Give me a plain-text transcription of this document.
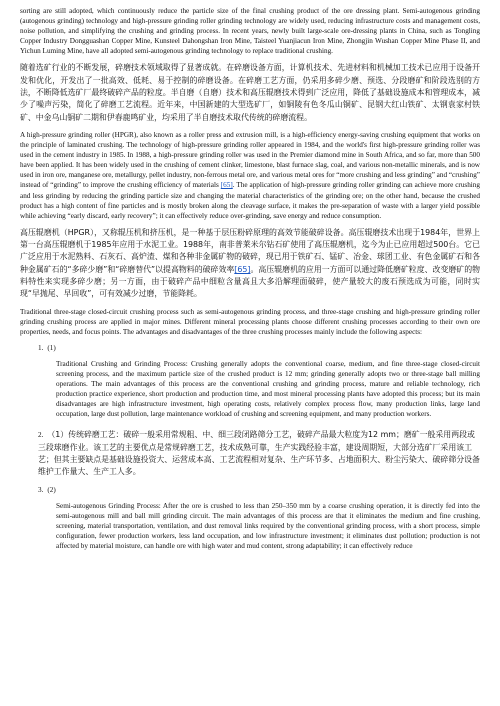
sorting are still adopted, which continuously reduce the particle size of the final crushing product of the ore dressing plant. Semi-autogenous grinding (autogenous grinding) technology and high-pressure grinding roller grinding technology are widely used, reducing infrastructure costs and management costs, noise pollution, and simplifying the crushing and grinding process. In recent years, newly built large-scale ore-dressing plants in China, such as Tongling Copper Industry Dongguashan Copper Mine, Kunsteel Dahongshan Iron Mine, Taisteel Yuanjiacun Iron Mine, Zhongjin Wushan Copper Mine Phase II, and Yichun Luming Mine, have all adopted semi-autogenous grinding technology to replace traditional crushing.

随着选矿行业的不断发展，碎磨技术领域取得了显著成就。在碎磨设备方面，计算机技术、先进材料和机械加工技术已应用于设备开发和优化，开发出了一批高效、低耗、易于控制的碎磨设备。在碎磨工艺方面，仍采用多碎少磨、预选、分段磨矿和阶段选别的方法，不断降低选矿厂最终破碎产品的粒度。半自磨（自磨）技术和高压辊磨技术得到广泛应用，降低了基础设施成本和管理成本，减少了噪声污染，简化了碎磨工艺流程。近年来，中国新建的大型选矿厂，如铜陵有色冬瓜山铜矿、昆钢大红山铁矿、太钢袁家村铁矿、中金乌山铜矿二期和伊春鹿鸣矿业，均采用了半自磨技术取代传统的碎磨流程。

A high-pressure grinding roller (HPGR), also known as a roller press and extrusion mill, is a high-efficiency energy-saving crushing equipment that works on the principle of laminated crushing. The technology of high-pressure grinding roller appeared in 1984, and the world's first high-pressure grinding roller was used in the cement industry in 1985. In 1988, a high-pressure grinding roller was used in the Premier diamond mine in South Africa, and so far, more than 500 have been applied. It has been widely used in the crushing of cement clinker, limestone, blast furnace slag, coal, and various non-metallic minerals, and is now used in iron ore, manganese ore, metallurgy, pellet industry, non-ferrous metal ore, and various metal ores for “more crushing and less grinding” and “crushing” instead of “grinding” to improve the crushing efficiency of materials [65]. The application of high-pressure grinding roller grinding can achieve more crushing and less grinding by reducing the grinding particle size and changing the material characteristics of the grinding ore; on the other hand, because the crushed product has a high content of fine particles and is mostly broken along the cleavage surface, it makes the pre-separation of waste with a larger yield possible while achieving “early discard, early recovery”; it can effectively reduce over-grinding, save energy and reduce consumption.

高压辊磨机（HPGR），又称辊压机和挤压机，是一种基于层压粉碎原理的高效节能破碎设备。高压辊磨技术出现于1984年，世界上第一台高压辊磨机于1985年应用于水泥工业。1988年，南非普莱米尔钻石矿使用了高压辊磨机，迄今为止已应用超过500台。它已广泛应用于水泥熟料、石灰石、高炉渣、煤和各种非金属矿物的破碎，现已用于铁矿石、锰矿、冶金、球团工业、有色金属矿石和各种金属矿石的“多碎少磨”和“碎磨替代”以提高物料的破碎效率[65]。高压辊磨机的应用一方面可以通过降低磨矿粒度、改变磨矿的物料特性来实现多碎少磨；另一方面，由于破碎产品中细粒含量高且大多沿解理面破碎，使产量较大的废石预选成为可能，同时实现“早抛尾、早回收”，可有效减少过磨，节能降耗。

Traditional three-stage closed-circuit crushing process such as semi-autogenous grinding process, and three-stage crushing and high-pressure grinding roller grinding crushing process are applied in major mines. Different mineral processing plants choose different crushing processes according to their own ore properties, needs, and focus points. The advantages and disadvantages of the three crushing processes mainly include the following aspects:

1. (1)

Traditional Crushing and Grinding Process: Crushing generally adopts the conventional coarse, medium, and fine three-stage closed-circuit screening process, and the maximum particle size of the crushed product is 12 mm; grinding generally adopts two or three-stage ball milling operations. The main advantages of this process are the conventional crushing and grinding process, mature and reliable technology, rich production practice experience, short production and production time, and most mineral processing plants have adopted this process; but its main disadvantages are high infrastructure investment, high operating costs, relatively complex process flow, many production links, large land occupation, large dust pollution, large maintenance workload of crushing and screening equipment, and many production workers.

2. （1）传统碎磨工艺：破碎一般采用常规粗、中、细三段闭路筛分工艺，破碎产品最大粒度为12 mm；磨矿一般采用两段或三段球磨作业。该工艺的主要优点是常规碎磨工艺，技术成熟可靠，生产实践经验丰富，建设周期短，大部分选矿厂采用该工艺；但其主要缺点是基础设施投资大、运营成本高、工艺流程相对复杂、生产环节多、占地面积大、粉尘污染大、破碎筛分设备维护工作量大、生产工人多。
3. (2)

Semi-autogenous Grinding Process: After the ore is crushed to less than 250–350 mm by a coarse crushing operation, it is directly fed into the semi-autogenous mill and ball mill grinding circuit. The main advantages of this process are that it eliminates the medium and fine crushing, screening, material transportation, ventilation, and dust removal links required by the conventional grinding process, with a short process, simple configuration, fewer production workers, less land occupation, and low infrastructure investment; it eliminates dust pollution; production is not affected by material moisture, can handle ore with high water and mud content, strong adaptability; it can effectively reduce
